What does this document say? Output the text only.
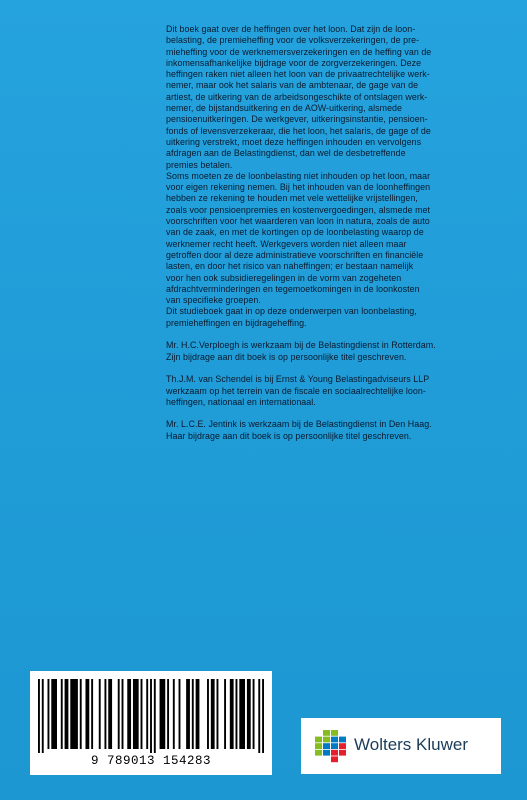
Dit boek gaat over de heffingen over het loon. Dat zijn de loon-
belasting, de premieheffing voor de volksverzekeringen, de pre-
mieheffing voor de werknemersverzekeringen en de heffing van de
inkomensafhankelijke bijdrage voor de zorgverzekeringen. Deze
heffingen raken niet alleen het loon van de privaatrechtelijke werk-
nemer, maar ook het salaris van de ambtenaar, de gage van de
artiest, de uitkering van de arbeidsongeschikte of ontslagen werk-
nemer, de bijstandsuitkering en de AOW-uitkering, alsmede
pensioenuitkeringen. De werkgever, uitkeringsinstantie, pensioen-
fonds of levensverzekeraar, die het loon, het salaris, de gage of de
uitkering verstrekt, moet deze heffingen inhouden en vervolgens
afdragen aan de Belastingdienst, dan wel de desbetreffende
premies betalen.

Soms moeten ze de loonbelasting niet inhouden op het loon, maar
voor eigen rekening nemen. Bij het inhouden van de loonheffingen
hebben ze rekening te houden met vele wettelijke vrijstellingen,
zoals voor pensioenpremies en kostenvergoedingen, alsmede met
voorschriften voor het waarderen van loon in natura, zoals de auto
van de zaak, en met de kortingen op de loonbelasting waarop de
werknemer recht heeft. Werkgevers worden niet alleen maar
getroffen door al deze administratieve voorschriften en financiële
lasten, en door het risico van naheffingen; er bestaan namelijk
voor hen ook subsidieregelingen in de vorm van zogeheten
afdrachtverminderingen en tegemoetkomingen in de loonkosten
van specifieke groepen.

Dit studieboek gaat in op deze onderwerpen van loonbelasting,
premieheffingen en bijdrageheffing.

Mr. H.C.Verploegh is werkzaam bij de Belastingdienst in Rotterdam.
Zijn bijdrage aan dit boek is op persoonlijke titel geschreven.

Th.J.M. van Schendel is bij Ernst & Young Belastingadviseurs LLP
werkzaam op het terrein van de fiscale en sociaalrechtelijke loon-
heffingen, nationaal en internationaal.

Mr. L.C.E. Jentink is werkzaam bij de Belastingdienst in Den Haag.
Haar bijdrage aan dit boek is op persoonlijke titel geschreven.

9 789013 154283
Wolters Kluwer
